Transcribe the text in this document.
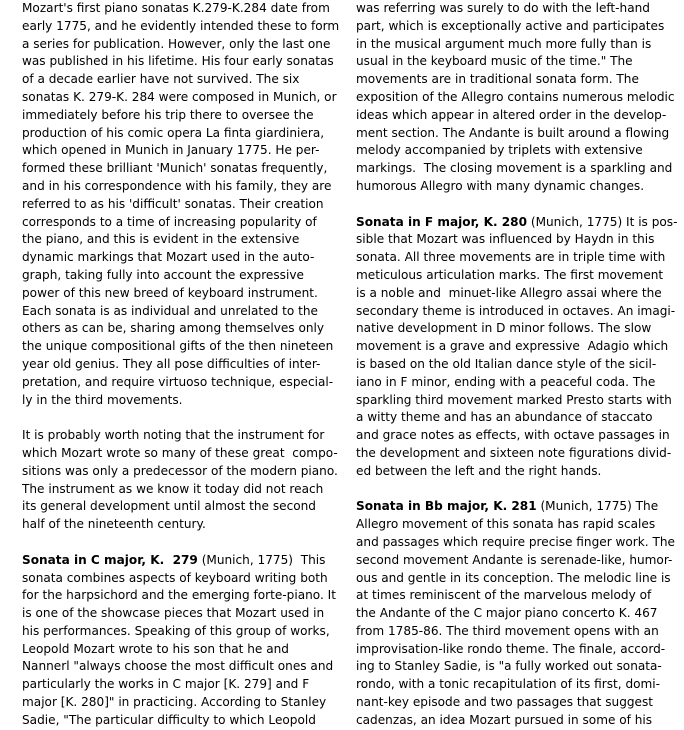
Mozart's first piano sonatas K.279-K.284 date from
early 1775, and he evidently intended these to form
a series for publication. However, only the last one
was published in his lifetime. His four early sonatas
of a decade earlier have not survived. The six
sonatas K. 279-K. 284 were composed in Munich, or
immediately before his trip there to oversee the
production of his comic opera La finta giardiniera,
which opened in Munich in January 1775. He per-
formed these brilliant 'Munich' sonatas frequently,
and in his correspondence with his family, they are
referred to as his 'difficult' sonatas. Their creation
corresponds to a time of increasing popularity of
the piano, and this is evident in the extensive
dynamic markings that Mozart used in the auto-
graph, taking fully into account the expressive
power of this new breed of keyboard instrument.
Each sonata is as individual and unrelated to the
others as can be, sharing among themselves only
the unique compositional gifts of the then nineteen
year old genius. They all pose difficulties of inter-
pretation, and require virtuoso technique, especial-
ly in the third movements.
It is probably worth noting that the instrument for
which Mozart wrote so many of these great  compo-
sitions was only a predecessor of the modern piano.
The instrument as we know it today did not reach
its general development until almost the second
half of the nineteenth century.
Sonata in C major, K.  279 (Munich, 1775)  This
sonata combines aspects of keyboard writing both
for the harpsichord and the emerging forte-piano. It
is one of the showcase pieces that Mozart used in
his performances. Speaking of this group of works,
Leopold Mozart wrote to his son that he and
Nannerl "always choose the most difficult ones and
particularly the works in C major [K. 279] and F
major [K. 280]" in practicing. According to Stanley
Sadie, "The particular difficulty to which Leopold
was referring was surely to do with the left-hand
part, which is exceptionally active and participates
in the musical argument much more fully than is
usual in the keyboard music of the time." The
movements are in traditional sonata form. The
exposition of the Allegro contains numerous melodic
ideas which appear in altered order in the develop-
ment section. The Andante is built around a flowing
melody accompanied by triplets with extensive
markings.  The closing movement is a sparkling and
humorous Allegro with many dynamic changes.
Sonata in F major, K. 280 (Munich, 1775) It is pos-
sible that Mozart was influenced by Haydn in this
sonata. All three movements are in triple time with
meticulous articulation marks. The first movement
is a noble and  minuet-like Allegro assai where the
secondary theme is introduced in octaves. An imagi-
native development in D minor follows. The slow
movement is a grave and expressive  Adagio which
is based on the old Italian dance style of the sicil-
iano in F minor, ending with a peaceful coda. The
sparkling third movement marked Presto starts with
a witty theme and has an abundance of staccato
and grace notes as effects, with octave passages in
the development and sixteen note figurations divid-
ed between the left and the right hands.
Sonata in Bb major, K. 281 (Munich, 1775) The
Allegro movement of this sonata has rapid scales
and passages which require precise finger work. The
second movement Andante is serenade-like, humor-
ous and gentle in its conception. The melodic line is
at times reminiscent of the marvelous melody of
the Andante of the C major piano concerto K. 467
from 1785-86. The third movement opens with an
improvisation-like rondo theme. The finale, accord-
ing to Stanley Sadie, is "a fully worked out sonata-
rondo, with a tonic recapitulation of its first, domi-
nant-key episode and two passages that suggest
cadenzas, an idea Mozart pursued in some of his
